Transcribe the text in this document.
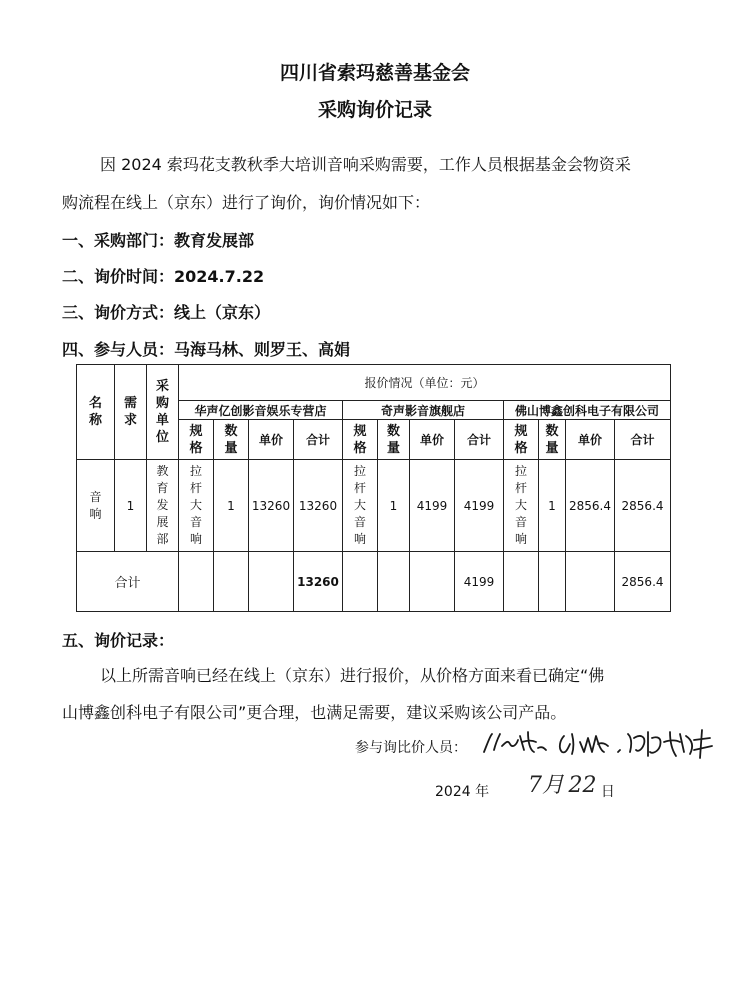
四川省索玛慈善基金会
采购询价记录
因 2024 索玛花支教秋季大培训音响采购需要，工作人员根据基金会物资采
购流程在线上（京东）进行了询价，询价情况如下：
一、采购部门：教育发展部
二、询价时间：2024.7.22
三、询价方式：线上（京东）
四、参与人员：马海马林、则罗王、高娟
名称	需求	采购单位	报价情况（单位：元）											
			华声亿创影音娱乐专营店				奇声影音旗舰店				佛山博鑫创科电子有限公司			
			规格	数量	单价	合计	规格	数量	单价	合计	规格	数量	单价	合计
音响	1	教育发展部	拉杆大音响	1	13260	13260	拉杆大音响	1	4199	4199	拉杆大音响	1	2856.4	2856.4
合计						13260				4199				2856.4
五、询价记录：
以上所需音响已经在线上（京东）进行报价，从价格方面来看已确定“佛
山博鑫创科电子有限公司”更合理，也满足需要，建议采购该公司产品。
参与询比价人员：
2024 年 7月 22 日
